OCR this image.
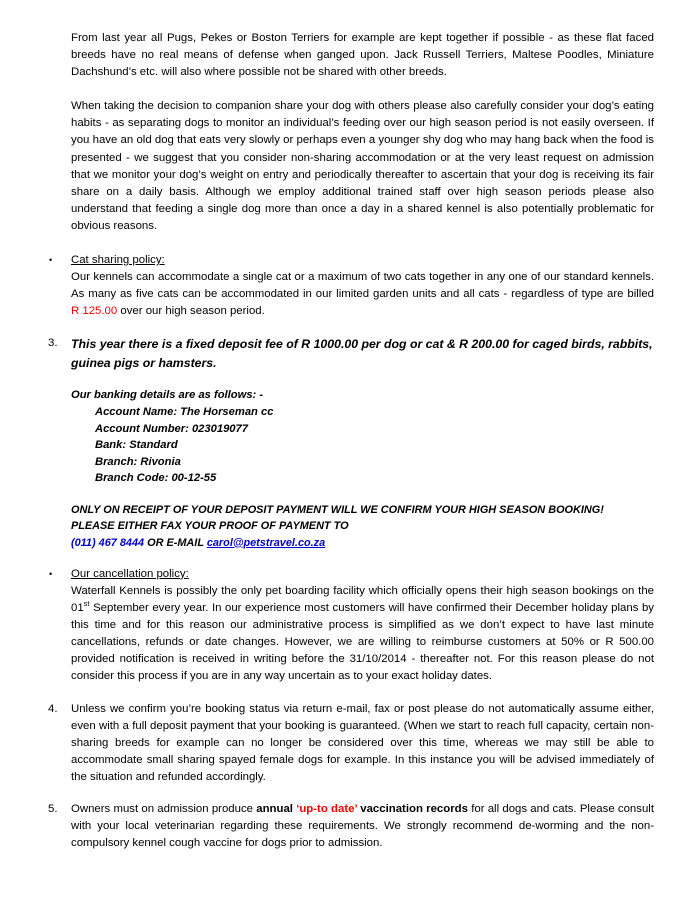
From last year all Pugs, Pekes or Boston Terriers for example are kept together if possible - as these flat faced breeds have no real means of defense when ganged upon. Jack Russell Terriers, Maltese Poodles, Miniature Dachshund’s etc. will also where possible not be shared with other breeds.

When taking the decision to companion share your dog with others please also carefully consider your dog’s eating habits - as separating dogs to monitor an individual’s feeding over our high season period is not easily overseen. If you have an old dog that eats very slowly or perhaps even a younger shy dog who may hang back when the food is presented - we suggest that you consider non-sharing accommodation or at the very least request on admission that we monitor your dog’s weight on entry and periodically thereafter to ascertain that your dog is receiving its fair share on a daily basis. Although we employ additional trained staff over high season periods please also understand that feeding a single dog more than once a day in a shared kennel is also potentially problematic for obvious reasons.

•	Cat sharing policy:
Our kennels can accommodate a single cat or a maximum of two cats together in any one of our standard kennels. As many as five cats can be accommodated in our limited garden units and all cats - regardless of type are billed R 125.00 over our high season period.
3.	This year there is a fixed deposit fee of R 1000.00 per dog or cat & R 200.00 for caged birds, rabbits, guinea pigs or hamsters.
Our banking details are as follows: -
Account Name: The Horseman cc
Account Number: 023019077
Bank: Standard
Branch: Rivonia
Branch Code: 00-12-55
ONLY ON RECEIPT OF YOUR DEPOSIT PAYMENT WILL WE CONFIRM YOUR HIGH SEASON BOOKING! PLEASE EITHER FAX YOUR PROOF OF PAYMENT TO
(011) 467 8444 OR E-MAIL carol@petstravel.co.za
•	Our cancellation policy:
Waterfall Kennels is possibly the only pet boarding facility which officially opens their high season bookings on the 01st September every year. In our experience most customers will have confirmed their December holiday plans by this time and for this reason our administrative process is simplified as we don’t expect to have last minute cancellations, refunds or date changes. However, we are willing to reimburse customers at 50% or R 500.00 provided notification is received in writing before the 31/10/2014 - thereafter not. For this reason please do not consider this process if you are in any way uncertain as to your exact holiday dates.
4.	Unless we confirm you’re booking status via return e-mail, fax or post please do not automatically assume either, even with a full deposit payment that your booking is guaranteed. (When we start to reach full capacity, certain non-sharing breeds for example can no longer be considered over this time, whereas we may still be able to accommodate small sharing spayed female dogs for example. In this instance you will be advised immediately of the situation and refunded accordingly.
5.	Owners must on admission produce annual ‘up-to date’ vaccination records for all dogs and cats. Please consult with your local veterinarian regarding these requirements. We strongly recommend de-worming and the non-compulsory kennel cough vaccine for dogs prior to admission.
